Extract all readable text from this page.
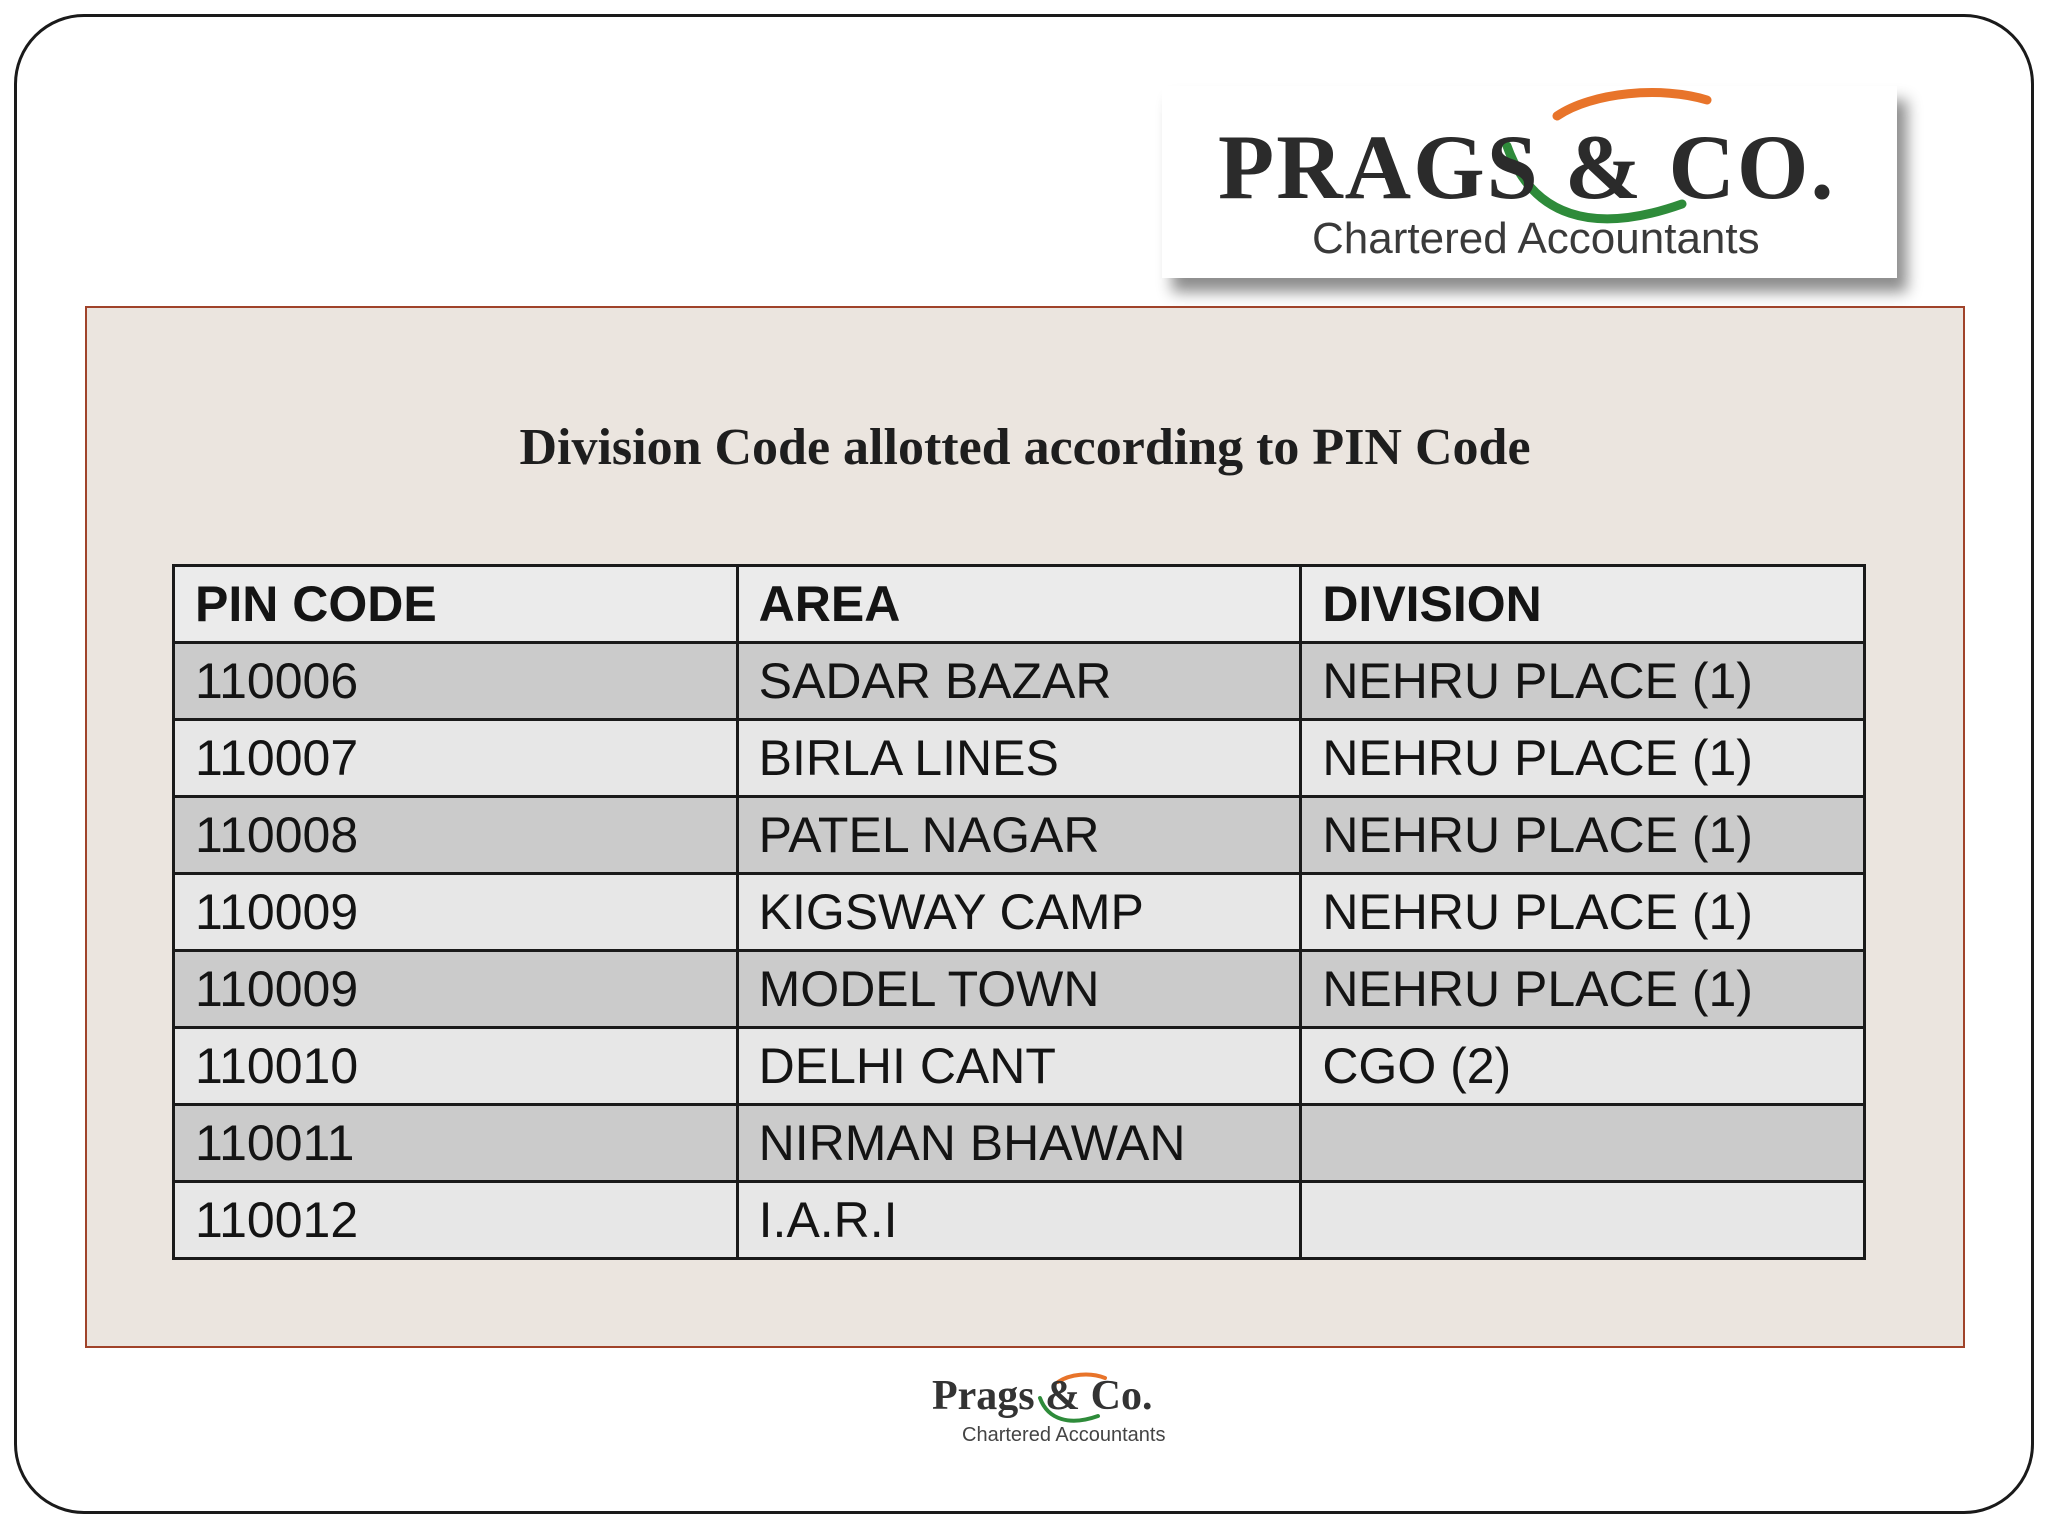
PRAGS & CO.
Chartered Accountants
Division Code allotted according to PIN Code
PIN CODE	AREA	DIVISION
110006	SADAR BAZAR	NEHRU PLACE (1)
110007	BIRLA LINES	NEHRU PLACE (1)
110008	PATEL NAGAR	NEHRU PLACE (1)
110009	KIGSWAY CAMP	NEHRU PLACE (1)
110009	MODEL TOWN	NEHRU PLACE (1)
110010	DELHI CANT	CGO (2)
110011	NIRMAN BHAWAN	
110012	I.A.R.I	
Prags & Co.
Chartered Accountants
